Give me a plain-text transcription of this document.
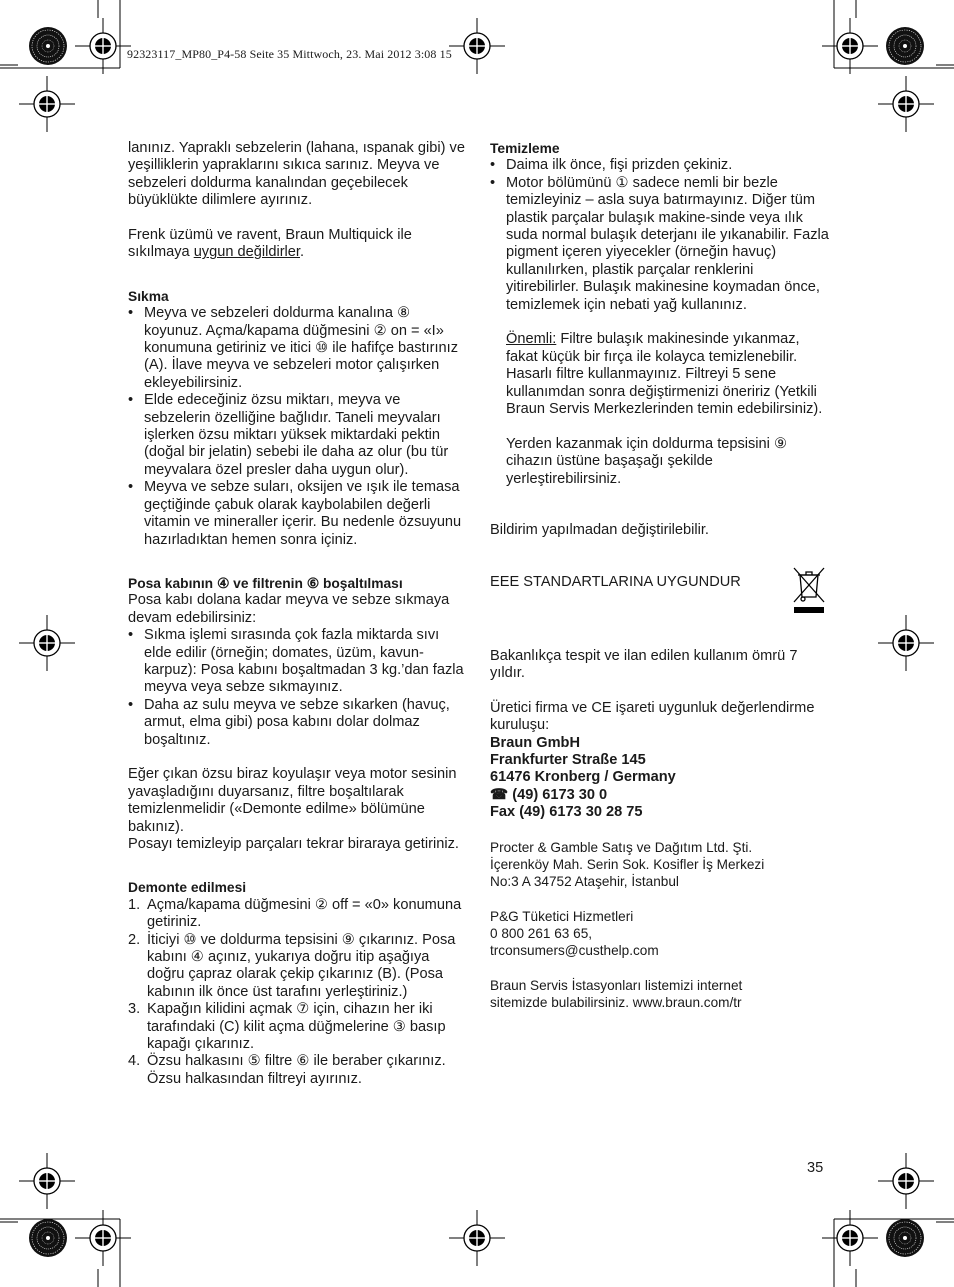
92323117_MP80_P4-58 Seite 35 Mittwoch, 23. Mai 2012 3:08 15

lanınız. Yapraklı sebzelerin (lahana, ıspanak gibi) ve yeşilliklerin yapraklarını sıkıca sarınız. Meyva ve sebzeleri doldurma kanalından geçebilecek büyüklükte dilimlere ayırınız.

Frenk üzümü ve ravent, Braun Multiquick ile sıkılmaya uygun değildirler.

Sıkma

• Meyva ve sebzeleri doldurma kanalına ⑧ koyunuz. Açma/kapama düğmesini ② on = «I» konumuna getiriniz ve itici ⑩ ile hafifçe bastırınız (A). İlave meyva ve sebzeleri motor çalışırken ekleyebilirsiniz.
• Elde edeceğiniz özsu miktarı, meyva ve sebzelerin özelliğine bağlıdır. Taneli meyvaları işlerken özsu miktarı yüksek miktardaki pektin (doğal bir jelatin) sebebi ile daha az olur (bu tür meyvalara özel presler daha uygun olur).
• Meyva ve sebze suları, oksijen ve ışık ile temasa geçtiğinde çabuk olarak kaybolabilen değerli vitamin ve mineraller içerir. Bu nedenle özsuyunu hazırladıktan hemen sonra içiniz.

Posa kabının ④ ve filtrenin ⑥ boşaltılması

Posa kabı dolana kadar meyva ve sebze sıkmaya devam edebilirsiniz:

• Sıkma işlemi sırasında çok fazla miktarda sıvı elde edilir (örneğin; domates, üzüm, kavun-karpuz): Posa kabını boşaltmadan 3 kg.’dan fazla meyva veya sebze sıkmayınız.
• Daha az sulu meyva ve sebze sıkarken (havuç, armut, elma gibi) posa kabını dolar dolmaz boşaltınız.

Eğer çıkan özsu biraz koyulaşır veya motor sesinin yavaşladığını duyarsanız, filtre boşaltılarak temizlenmelidir («Demonte edilme» bölümüne bakınız).

Posayı temizleyip parçaları tekrar biraraya getiriniz.

Demonte edilmesi

1. Açma/kapama düğmesini ② off = «0» konumuna getiriniz.
2. İticiyi ⑩ ve doldurma tepsisini ⑨ çıkarınız. Posa kabını ④ açınız, yukarıya doğru itip aşağıya doğru çapraz olarak çekip çıkarınız (B). (Posa kabının ilk önce üst tarafını yerleştiriniz.)
3. Kapağın kilidini açmak ⑦ için, cihazın her iki tarafındaki (C) kilit açma düğmelerine ③ basıp kapağı çıkarınız.
4. Özsu halkasını ⑤ filtre ⑥ ile beraber çıkarınız. Özsu halkasından filtreyi ayırınız.

Temizleme

• Daima ilk önce, fişi prizden çekiniz.
• Motor bölümünü ① sadece nemli bir bezle temizleyiniz – asla suya batırmayınız. Diğer tüm plastik parçalar bulaşık makine-sinde veya ılık suda normal bulaşık deterjanı ile yıkanabilir. Fazla pigment içeren yiyecekler (örneğin havuç) kullanılırken, plastik parçalar renklerini yitirebilirler. Bulaşık makinesine koymadan önce, temizlemek için nebati yağ kullanınız.

Önemli: Filtre bulaşık makinesinde yıkanmaz, fakat küçük bir fırça ile kolayca temizlenebilir. Hasarlı filtre kullanmayınız. Filtreyi 5 sene kullanımdan sonra değiştirmenizi öneririz (Yetkili Braun Servis Merkezlerinden temin edebilirsiniz).

Yerden kazanmak için doldurma tepsisini ⑨ cihazın üstüne başaşağı şekilde yerleştirebilirsiniz.

Bildirim yapılmadan değiştirilebilir.

EEE STANDARTLARINA UYGUNDUR

Bakanlıkça tespit ve ilan edilen kullanım ömrü 7 yıldır.

Üretici firma ve CE işareti uygunluk değerlendirme kuruluşu:

Braun GmbH

Frankfurter Straße 145

61476 Kronberg / Germany

☎ (49) 6173 30 0

Fax (49) 6173 30 28 75

Procter & Gamble Satış ve Dağıtım Ltd. Şti.

İçerenköy Mah. Serin Sok. Kosifler İş Merkezi

No:3 A 34752 Ataşehir, İstanbul

P&G Tüketici Hizmetleri

0 800 261 63 65,

trconsumers@custhelp.com

Braun Servis İstasyonları listemizi internet

sitemizde bulabilirsiniz. www.braun.com/tr

35
